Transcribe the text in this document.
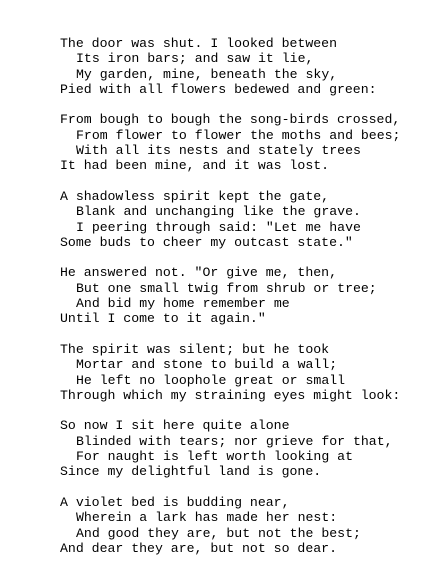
The door was shut. I looked between
Its iron bars; and saw it lie,
My garden, mine, beneath the sky,
Pied with all flowers bedewed and green:
From bough to bough the song-birds crossed,
From flower to flower the moths and bees;
With all its nests and stately trees
It had been mine, and it was lost.
A shadowless spirit kept the gate,
Blank and unchanging like the grave.
I peering through said: "Let me have
Some buds to cheer my outcast state."
He answered not. "Or give me, then,
But one small twig from shrub or tree;
And bid my home remember me
Until I come to it again."
The spirit was silent; but he took
Mortar and stone to build a wall;
He left no loophole great or small
Through which my straining eyes might look:
So now I sit here quite alone
Blinded with tears; nor grieve for that,
For naught is left worth looking at
Since my delightful land is gone.
A violet bed is budding near,
Wherein a lark has made her nest:
And good they are, but not the best;
And dear they are, but not so dear.
